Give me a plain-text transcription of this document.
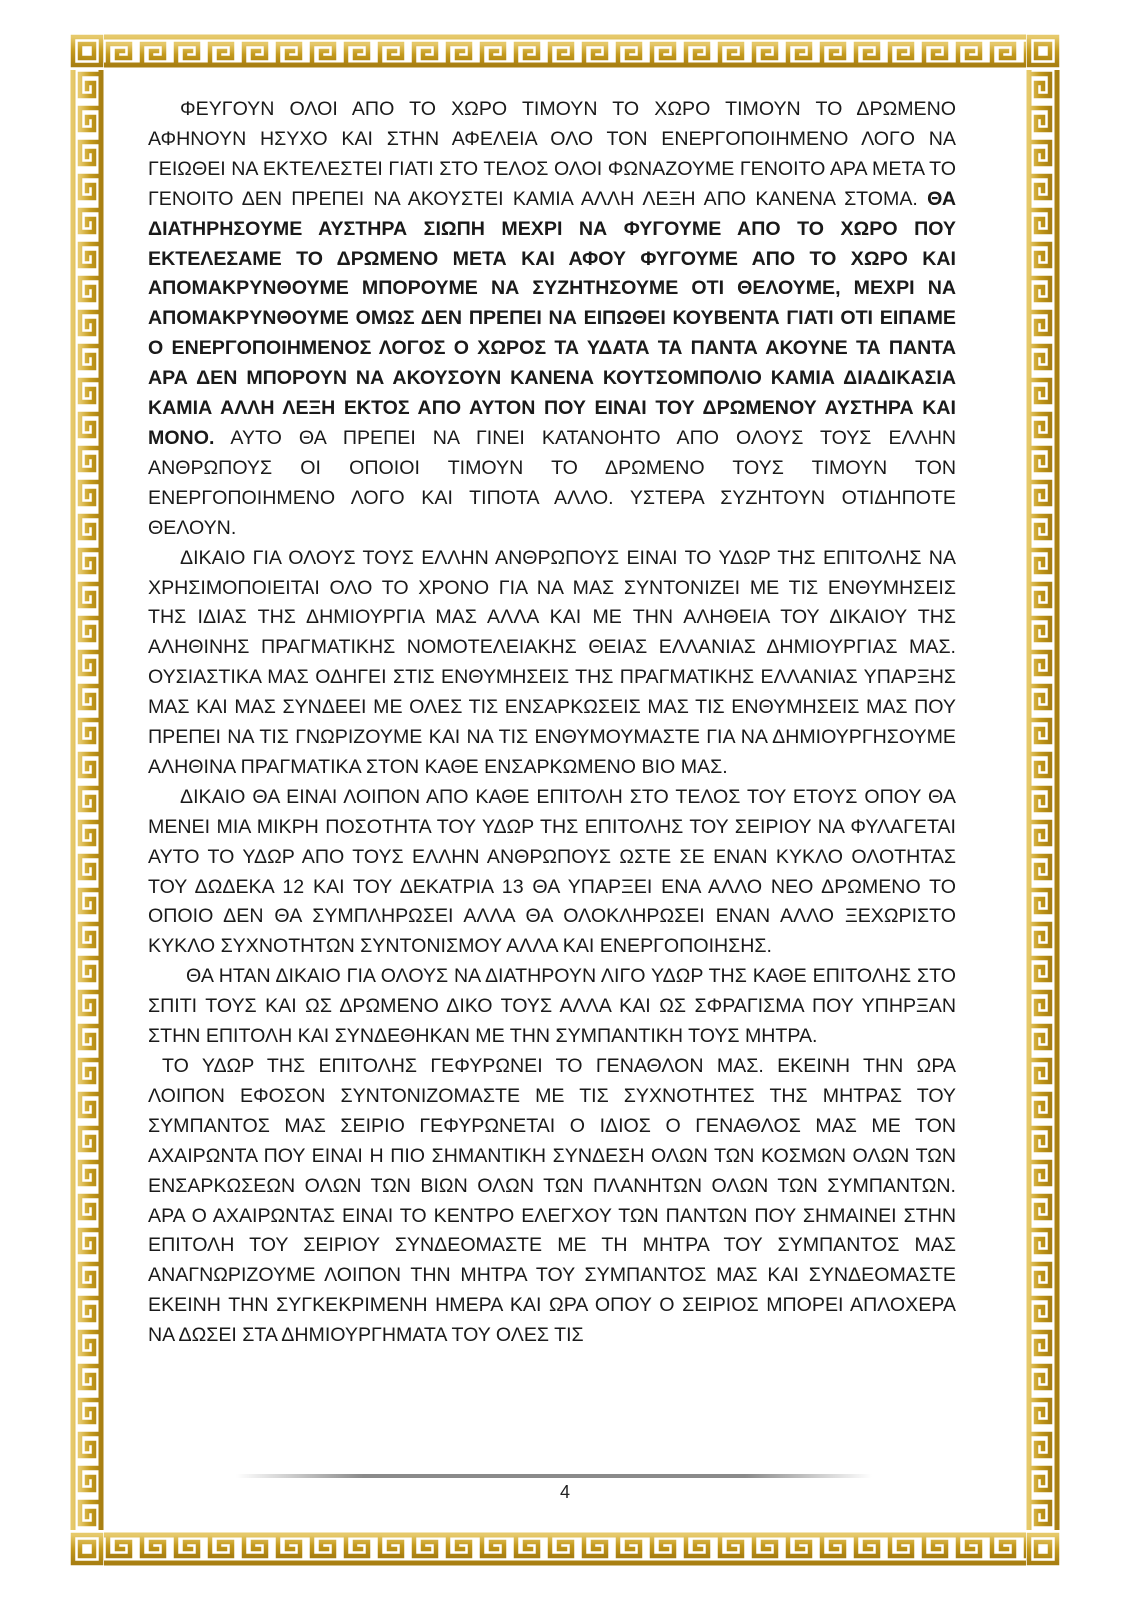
ΦΕΥΓΟΥΝ ΟΛΟΙ ΑΠΟ ΤΟ ΧΩΡΟ ΤΙΜΟΥΝ ΤΟ ΧΩΡΟ ΤΙΜΟΥΝ ΤΟ ΔΡΩΜΕΝΟ ΑΦΗΝΟΥΝ ΗΣΥΧΟ ΚΑΙ ΣΤΗΝ ΑΦΕΛΕΙΑ ΟΛΟ ΤΟΝ ΕΝΕΡΓΟΠΟΙΗΜΕΝΟ ΛΟΓΟ ΝΑ ΓΕΙΩΘΕΙ ΝΑ ΕΚΤΕΛΕΣΤΕΙ ΓΙΑΤΙ ΣΤΟ ΤΕΛΟΣ ΟΛΟΙ ΦΩΝΑΖΟΥΜΕ ΓΕΝΟΙΤΟ ΑΡΑ ΜΕΤΑ ΤΟ ΓΕΝΟΙΤΟ ΔΕΝ ΠΡΕΠΕΙ ΝΑ ΑΚΟΥΣΤΕΙ ΚΑΜΙΑ ΑΛΛΗ ΛΕΞΗ ΑΠΟ ΚΑΝΕΝΑ ΣΤΟΜΑ. ΘΑ ΔΙΑΤΗΡΗΣΟΥΜΕ ΑΥΣΤΗΡΑ ΣΙΩΠΗ ΜΕΧΡΙ ΝΑ ΦΥΓΟΥΜΕ ΑΠΟ ΤΟ ΧΩΡΟ ΠΟΥ ΕΚΤΕΛΕΣΑΜΕ ΤΟ ΔΡΩΜΕΝΟ ΜΕΤΑ ΚΑΙ ΑΦΟΥ ΦΥΓΟΥΜΕ ΑΠΟ ΤΟ ΧΩΡΟ ΚΑΙ ΑΠΟΜΑΚΡΥΝΘΟΥΜΕ ΜΠΟΡΟΥΜΕ ΝΑ ΣΥΖΗΤΗΣΟΥΜΕ ΟΤΙ ΘΕΛΟΥΜΕ, ΜΕΧΡΙ ΝΑ ΑΠΟΜΑΚΡΥΝΘΟΥΜΕ ΟΜΩΣ ΔΕΝ ΠΡΕΠΕΙ ΝΑ ΕΙΠΩΘΕΙ ΚΟΥΒΕΝΤΑ ΓΙΑΤΙ ΟΤΙ ΕΙΠΑΜΕ Ο ΕΝΕΡΓΟΠΟΙΗΜΕΝΟΣ ΛΟΓΟΣ Ο ΧΩΡΟΣ ΤΑ ΥΔΑΤΑ ΤΑ ΠΑΝΤΑ ΑΚΟΥΝΕ ΤΑ ΠΑΝΤΑ ΑΡΑ ΔΕΝ ΜΠΟΡΟΥΝ ΝΑ ΑΚΟΥΣΟΥΝ ΚΑΝΕΝΑ ΚΟΥΤΣΟΜΠΟΛΙΟ ΚΑΜΙΑ ΔΙΑΔΙΚΑΣΙΑ ΚΑΜΙΑ ΑΛΛΗ ΛΕΞΗ ΕΚΤΟΣ ΑΠΟ ΑΥΤΟΝ ΠΟΥ ΕΙΝΑΙ ΤΟΥ ΔΡΩΜΕΝΟΥ ΑΥΣΤΗΡΑ ΚΑΙ ΜΟΝΟ. ΑΥΤΟ ΘΑ ΠΡΕΠΕΙ ΝΑ ΓΙΝΕΙ ΚΑΤΑΝΟΗΤΟ ΑΠΟ ΟΛΟΥΣ ΤΟΥΣ ΕΛΛΗΝ ΑΝΘΡΩΠΟΥΣ ΟΙ ΟΠΟΙΟΙ ΤΙΜΟΥΝ ΤΟ ΔΡΩΜΕΝΟ ΤΟΥΣ ΤΙΜΟΥΝ ΤΟΝ ΕΝΕΡΓΟΠΟΙΗΜΕΝΟ ΛΟΓΟ ΚΑΙ ΤΙΠΟΤΑ ΑΛΛΟ. ΥΣΤΕΡΑ ΣΥΖΗΤΟΥΝ ΟΤΙΔΗΠΟΤΕ ΘΕΛΟΥΝ.

ΔΙΚΑΙΟ ΓΙΑ ΟΛΟΥΣ ΤΟΥΣ ΕΛΛΗΝ ΑΝΘΡΩΠΟΥΣ ΕΙΝΑΙ ΤΟ ΥΔΩΡ ΤΗΣ ΕΠΙΤΟΛΗΣ ΝΑ ΧΡΗΣΙΜΟΠΟΙΕΙΤΑΙ ΟΛΟ ΤΟ ΧΡΟΝΟ ΓΙΑ ΝΑ ΜΑΣ ΣΥΝΤΟΝΙΖΕΙ ΜΕ ΤΙΣ ΕΝΘΥΜΗΣΕΙΣ ΤΗΣ ΙΔΙΑΣ ΤΗΣ ΔΗΜΙΟΥΡΓΙΑ ΜΑΣ ΑΛΛΑ ΚΑΙ ΜΕ ΤΗΝ ΑΛΗΘΕΙΑ ΤΟΥ ΔΙΚΑΙΟΥ ΤΗΣ ΑΛΗΘΙΝΗΣ ΠΡΑΓΜΑΤΙΚΗΣ ΝΟΜΟΤΕΛΕΙΑΚΗΣ ΘΕΙΑΣ ΕΛΛΑΝΙΑΣ ΔΗΜΙΟΥΡΓΙΑΣ ΜΑΣ. ΟΥΣΙΑΣΤΙΚΑ ΜΑΣ ΟΔΗΓΕΙ ΣΤΙΣ ΕΝΘΥΜΗΣΕΙΣ ΤΗΣ ΠΡΑΓΜΑΤΙΚΗΣ ΕΛΛΑΝΙΑΣ ΥΠΑΡΞΗΣ ΜΑΣ ΚΑΙ ΜΑΣ ΣΥΝΔΕΕΙ ΜΕ ΟΛΕΣ ΤΙΣ ΕΝΣΑΡΚΩΣΕΙΣ ΜΑΣ ΤΙΣ ΕΝΘΥΜΗΣΕΙΣ ΜΑΣ ΠΟΥ ΠΡΕΠΕΙ ΝΑ ΤΙΣ ΓΝΩΡΙΖΟΥΜΕ ΚΑΙ ΝΑ ΤΙΣ ΕΝΘΥΜΟΥΜΑΣΤΕ ΓΙΑ ΝΑ ΔΗΜΙΟΥΡΓΗΣΟΥΜΕ ΑΛΗΘΙΝΑ ΠΡΑΓΜΑΤΙΚΑ ΣΤΟΝ ΚΑΘΕ ΕΝΣΑΡΚΩΜΕΝΟ ΒΙΟ ΜΑΣ.

ΔΙΚΑΙΟ ΘΑ ΕΙΝΑΙ ΛΟΙΠΟΝ ΑΠΟ ΚΑΘΕ ΕΠΙΤΟΛΗ ΣΤΟ ΤΕΛΟΣ ΤΟΥ ΕΤΟΥΣ ΟΠΟΥ ΘΑ ΜΕΝΕΙ ΜΙΑ ΜΙΚΡΗ ΠΟΣΟΤΗΤΑ ΤΟΥ ΥΔΩΡ ΤΗΣ ΕΠΙΤΟΛΗΣ ΤΟΥ ΣΕΙΡΙΟΥ ΝΑ ΦΥΛΑΓΕΤΑΙ ΑΥΤΟ ΤΟ ΥΔΩΡ ΑΠΟ ΤΟΥΣ ΕΛΛΗΝ ΑΝΘΡΩΠΟΥΣ ΩΣΤΕ ΣΕ ΕΝΑΝ ΚΥΚΛΟ ΟΛΟΤΗΤΑΣ ΤΟΥ ΔΩΔΕΚΑ 12 ΚΑΙ ΤΟΥ ΔΕΚΑΤΡΙΑ 13 ΘΑ ΥΠΑΡΞΕΙ ΕΝΑ ΑΛΛΟ ΝΕΟ ΔΡΩΜΕΝΟ ΤΟ ΟΠΟΙΟ ΔΕΝ ΘΑ ΣΥΜΠΛΗΡΩΣΕΙ ΑΛΛΑ ΘΑ ΟΛΟΚΛΗΡΩΣΕΙ ΕΝΑΝ ΑΛΛΟ ΞΕΧΩΡΙΣΤΟ ΚΥΚΛΟ ΣΥΧΝΟΤΗΤΩΝ ΣΥΝΤΟΝΙΣΜΟΥ ΑΛΛΑ ΚΑΙ ΕΝΕΡΓΟΠΟΙΗΣΗΣ.

ΘΑ ΗΤΑΝ ΔΙΚΑΙΟ ΓΙΑ ΟΛΟΥΣ ΝΑ ΔΙΑΤΗΡΟΥΝ ΛΙΓΟ ΥΔΩΡ ΤΗΣ ΚΑΘΕ ΕΠΙΤΟΛΗΣ ΣΤΟ ΣΠΙΤΙ ΤΟΥΣ ΚΑΙ ΩΣ ΔΡΩΜΕΝΟ ΔΙΚΟ ΤΟΥΣ ΑΛΛΑ ΚΑΙ ΩΣ ΣΦΡΑΓΙΣΜΑ ΠΟΥ ΥΠΗΡΞΑΝ ΣΤΗΝ ΕΠΙΤΟΛΗ ΚΑΙ ΣΥΝΔΕΘΗΚΑΝ ΜΕ ΤΗΝ ΣΥΜΠΑΝΤΙΚΗ ΤΟΥΣ ΜΗΤΡΑ.

ΤΟ ΥΔΩΡ ΤΗΣ ΕΠΙΤΟΛΗΣ ΓΕΦΥΡΩΝΕΙ ΤΟ ΓΕΝΑΘΛΟΝ ΜΑΣ. ΕΚΕΙΝΗ ΤΗΝ ΩΡΑ ΛΟΙΠΟΝ ΕΦΟΣΟΝ ΣΥΝΤΟΝΙΖΟΜΑΣΤΕ ΜΕ ΤΙΣ ΣΥΧΝΟΤΗΤΕΣ ΤΗΣ ΜΗΤΡΑΣ ΤΟΥ ΣΥΜΠΑΝΤΟΣ ΜΑΣ ΣΕΙΡΙΟ ΓΕΦΥΡΩΝΕΤΑΙ Ο ΙΔΙΟΣ Ο ΓΕΝΑΘΛΟΣ ΜΑΣ ΜΕ ΤΟΝ ΑΧΑΙΡΩΝΤΑ ΠΟΥ ΕΙΝΑΙ Η ΠΙΟ ΣΗΜΑΝΤΙΚΗ ΣΥΝΔΕΣΗ ΟΛΩΝ ΤΩΝ ΚΟΣΜΩΝ ΟΛΩΝ ΤΩΝ ΕΝΣΑΡΚΩΣΕΩΝ ΟΛΩΝ ΤΩΝ ΒΙΩΝ ΟΛΩΝ ΤΩΝ ΠΛΑΝΗΤΩΝ ΟΛΩΝ ΤΩΝ ΣΥΜΠΑΝΤΩΝ. ΑΡΑ Ο ΑΧΑΙΡΩΝΤΑΣ ΕΙΝΑΙ ΤΟ ΚΕΝΤΡΟ ΕΛΕΓΧΟΥ ΤΩΝ ΠΑΝΤΩΝ ΠΟΥ ΣΗΜΑΙΝΕΙ ΣΤΗΝ ΕΠΙΤΟΛΗ ΤΟΥ ΣΕΙΡΙΟΥ ΣΥΝΔΕΟΜΑΣΤΕ ΜΕ ΤΗ ΜΗΤΡΑ ΤΟΥ ΣΥΜΠΑΝΤΟΣ ΜΑΣ ΑΝΑΓΝΩΡΙΖΟΥΜΕ ΛΟΙΠΟΝ ΤΗΝ ΜΗΤΡΑ ΤΟΥ ΣΥΜΠΑΝΤΟΣ ΜΑΣ ΚΑΙ ΣΥΝΔΕΟΜΑΣΤΕ ΕΚΕΙΝΗ ΤΗΝ ΣΥΓΚΕΚΡΙΜΕΝΗ ΗΜΕΡΑ ΚΑΙ ΩΡΑ ΟΠΟΥ Ο ΣΕΙΡΙΟΣ ΜΠΟΡΕΙ ΑΠΛΟΧΕΡΑ ΝΑ ΔΩΣΕΙ ΣΤΑ ΔΗΜΙΟΥΡΓΗΜΑΤΑ ΤΟΥ ΟΛΕΣ ΤΙΣ

4
